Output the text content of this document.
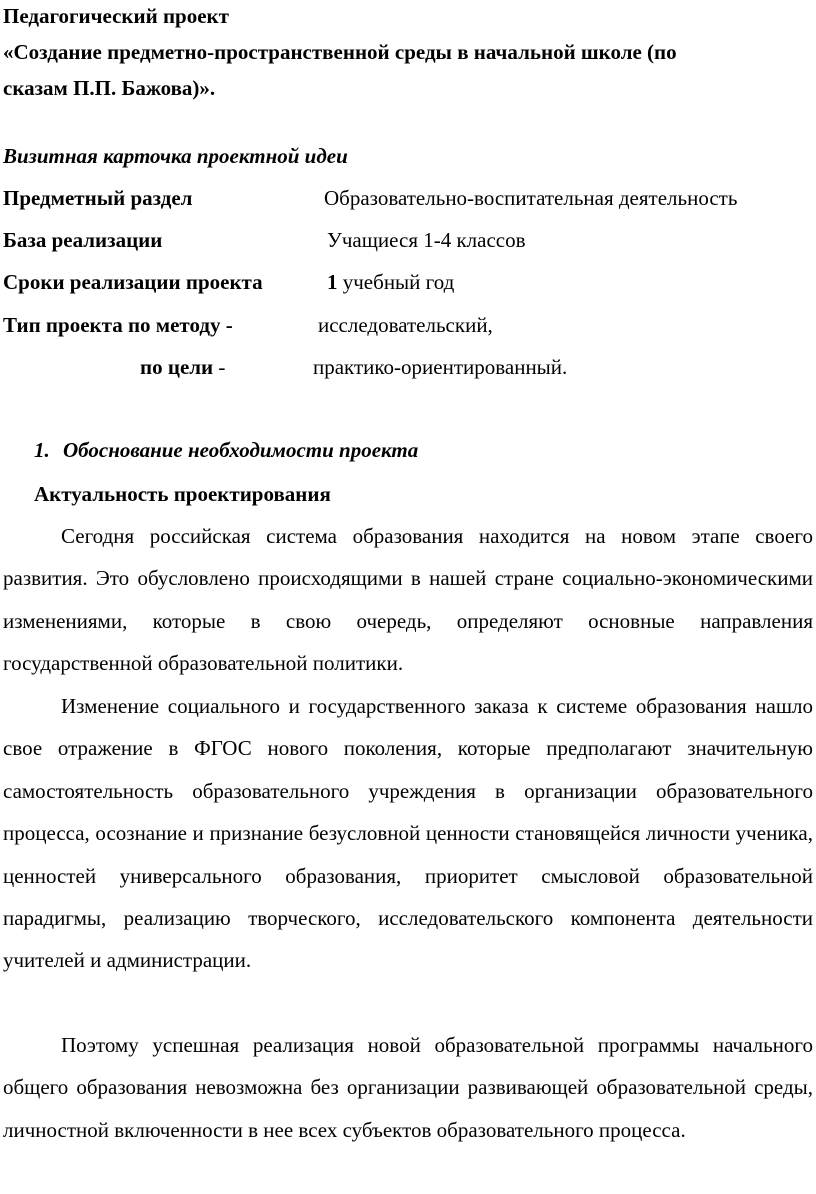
Педагогический проект
«Создание предметно-пространственной среды в начальной школе (по
сказам П.П. Бажова)».
Визитная карточка проектной идеи
Предметный раздел	Образовательно-воспитательная деятельность
База реализации	Учащиеся 1-4 классов
Сроки реализации проекта	1 учебный год
Тип проекта по методу -	исследовательский,
по цели -	практико-ориентированный.
1. Обоснование необходимости проекта
Актуальность проектирования
Сегодня российская система образования находится на новом этапе своего развития. Это обусловлено происходящими в нашей стране социально-экономическими изменениями, которые в свою очередь, определяют основные направления государственной образовательной политики.
Изменение социального и государственного заказа к системе образования нашло свое отражение в ФГОС нового поколения, которые предполагают значительную самостоятельность образовательного учреждения в организации образовательного процесса, осознание и признание безусловной ценности становящейся личности ученика, ценностей универсального образования, приоритет смысловой образовательной парадигмы, реализацию творческого, исследовательского компонента деятельности учителей и администрации.
Поэтому успешная реализация новой образовательной программы начального общего образования невозможна без организации развивающей образовательной среды, личностной включенности в нее всех субъектов образовательного процесса.
